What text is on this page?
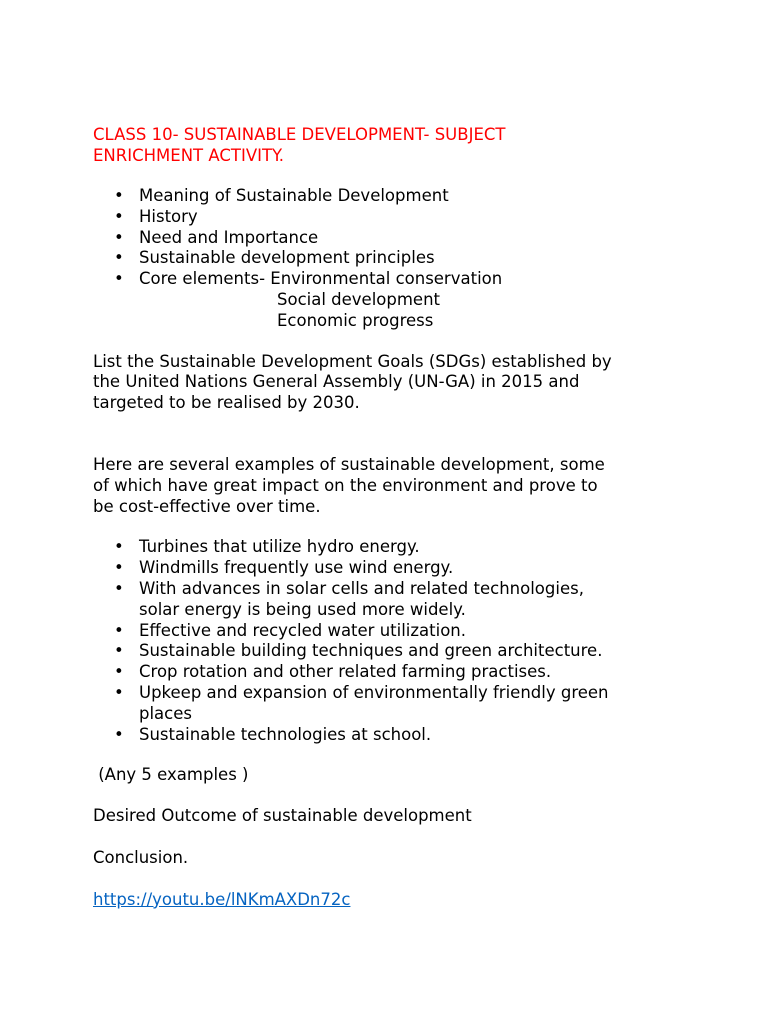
CLASS 10- SUSTAINABLE DEVELOPMENT- SUBJECT
ENRICHMENT ACTIVITY.
• Meaning of Sustainable Development
• History
• Need and Importance
• Sustainable development principles
• Core elements- Environmental conservation
Social development
Economic progress
List the Sustainable Development Goals (SDGs) established by
the United Nations General Assembly (UN-GA) in 2015 and
targeted to be realised by 2030.
Here are several examples of sustainable development, some
of which have great impact on the environment and prove to
be cost-effective over time.
• Turbines that utilize hydro energy.
• Windmills frequently use wind energy.
• With advances in solar cells and related technologies,
solar energy is being used more widely.
• Effective and recycled water utilization.
• Sustainable building techniques and green architecture.
• Crop rotation and other related farming practises.
• Upkeep and expansion of environmentally friendly green
places
• Sustainable technologies at school.
(Any 5 examples )
Desired Outcome of sustainable development
Conclusion.
https://youtu.be/lNKmAXDn72c
